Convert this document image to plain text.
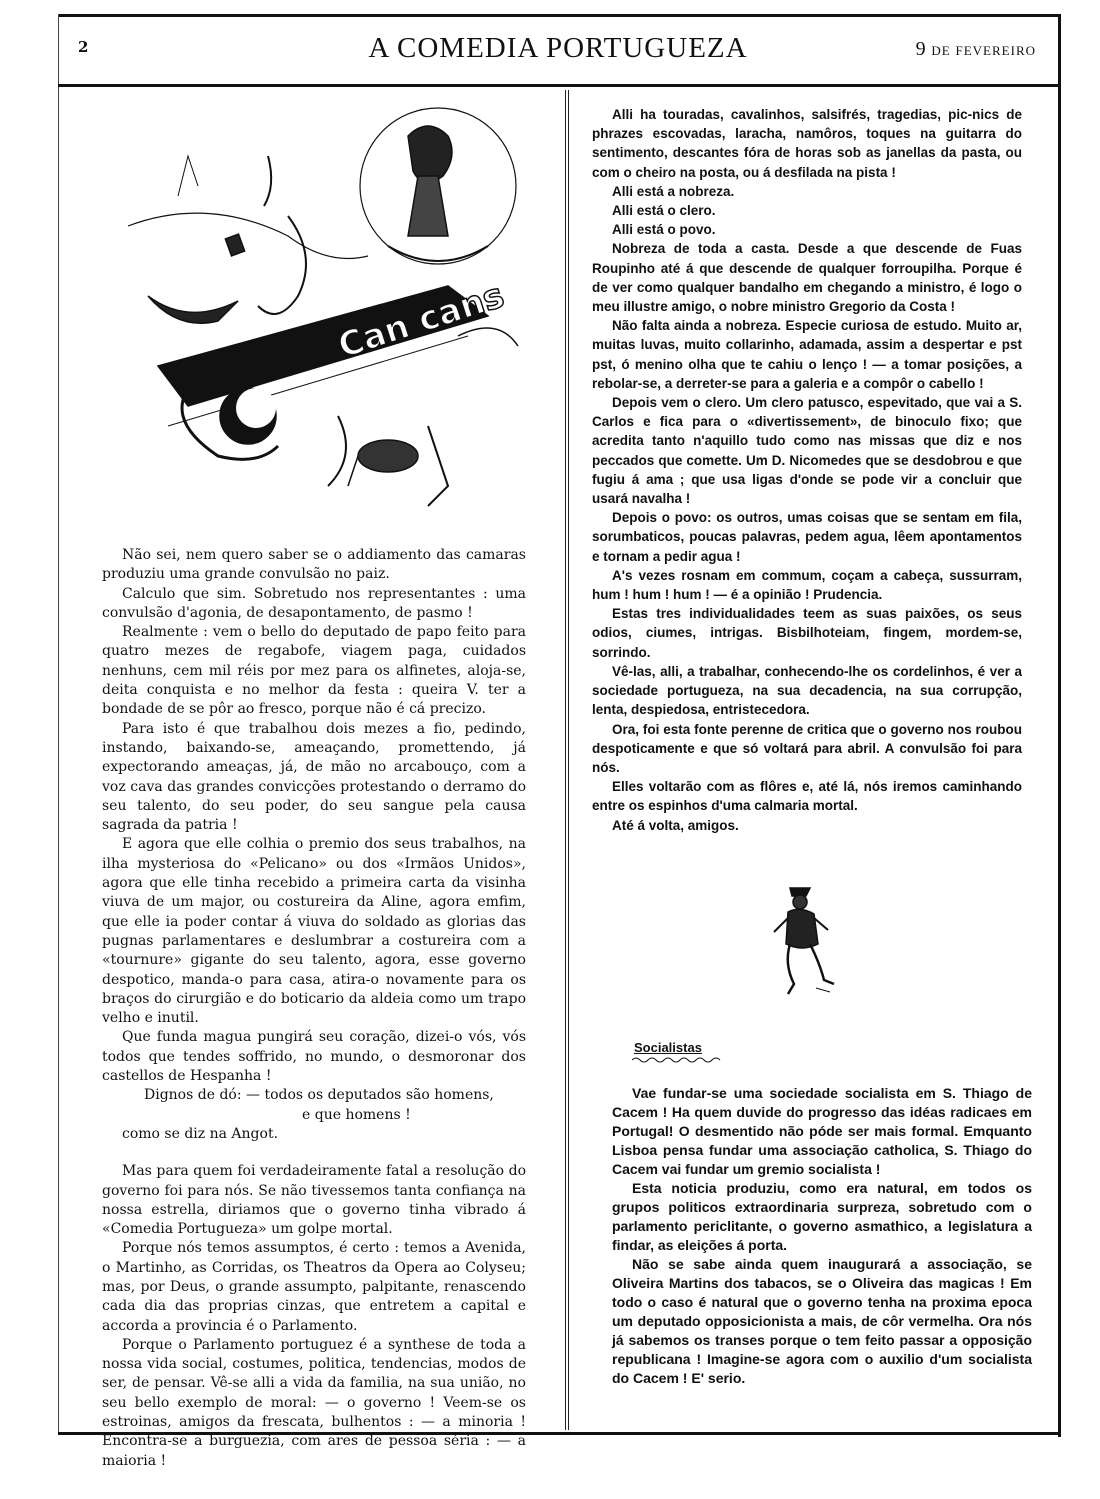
2	A COMEDIA PORTUGUEZA	9 DE FEVEREIRO
Can cans

Não sei, nem quero saber se o addiamento das camaras produziu uma grande convulsão no paiz.

Calculo que sim. Sobretudo nos representantes : uma convulsão d'agonia, de desapontamento, de pasmo !

Realmente : vem o bello do deputado de papo feito para quatro mezes de regabofe, viagem paga, cuidados nenhuns, cem mil réis por mez para os alfinetes, aloja-se, deita conquista e no melhor da festa : queira V. ter a bondade de se pôr ao fresco, porque não é cá precizo.

Para isto é que trabalhou dois mezes a fio, pedindo, instando, baixando-se, ameaçando, promettendo, já expectorando ameaças, já, de mão no arcabouço, com a voz cava das grandes convicções protestando o derramo do seu talento, do seu poder, do seu sangue pela causa sagrada da patria !

E agora que elle colhia o premio dos seus trabalhos, na ilha mysteriosa do «Pelicano» ou dos «Irmãos Unidos», agora que elle tinha recebido a primeira carta da visinha viuva de um major, ou costureira da Aline, agora emfim, que elle ia poder contar á viuva do soldado as glorias das pugnas parlamentares e deslumbrar a costureira com a «tournure» gigante do seu talento, agora, esse governo despotico, manda-o para casa, atira-o novamente para os braços do cirurgião e do boticario da aldeia como um trapo velho e inutil.

Que funda magua pungirá seu coração, dizei-o vós, vós todos que tendes soffrido, no mundo, o desmoronar dos castellos de Hespanha !

Dignos de dó: — todos os deputados são homens,

e que homens !

como se diz na Angot.

Mas para quem foi verdadeiramente fatal a resolução do governo foi para nós. Se não tivessemos tanta confiança na nossa estrella, diriamos que o governo tinha vibrado á «Comedia Portugueza» um golpe mortal.

Porque nós temos assumptos, é certo : temos a Avenida, o Martinho, as Corridas, os Theatros da Opera ao Colyseu; mas, por Deus, o grande assumpto, palpitante, renascendo cada dia das proprias cinzas, que entretem a capital e accorda a provincia é o Parlamento.

Porque o Parlamento portuguez é a synthese de toda a nossa vida social, costumes, politica, tendencias, modos de ser, de pensar. Vê-se alli a vida da familia, na sua união, no seu bello exemplo de moral: — o governo ! Veem-se os estroinas, amigos da frescata, bulhentos : — a minoria ! Encontra-se a burguezia, com ares de pessoa séria : — a maioria !

Alli ha touradas, cavalinhos, salsifrés, tragedias, pic-nics de phrazes escovadas, laracha, namôros, toques na guitarra do sentimento, descantes fóra de horas sob as janellas da pasta, ou com o cheiro na posta, ou á desfilada na pista !

Alli está a nobreza.

Alli está o clero.

Alli está o povo.

Nobreza de toda a casta. Desde a que descende de Fuas Roupinho até á que descende de qualquer forroupilha. Porque é de ver como qualquer bandalho em chegando a ministro, é logo o meu illustre amigo, o nobre ministro Gregorio da Costa !

Não falta ainda a nobreza. Especie curiosa de estudo. Muito ar, muitas luvas, muito collarinho, adamada, assim a despertar e pst pst, ó menino olha que te cahiu o lenço ! — a tomar posições, a rebolar-se, a derreter-se para a galeria e a compôr o cabello !

Depois vem o clero. Um clero patusco, espevitado, que vai a S. Carlos e fica para o «divertissement», de binoculo fixo; que acredita tanto n'aquillo tudo como nas missas que diz e nos peccados que comette. Um D. Nicomedes que se desdobrou e que fugiu á ama ; que usa ligas d'onde se pode vir a concluir que usará navalha !

Depois o povo: os outros, umas coisas que se sentam em fila, sorumbaticos, poucas palavras, pedem agua, lêem apontamentos e tornam a pedir agua !

A's vezes rosnam em commum, coçam a cabeça, sussurram, hum ! hum ! hum ! — é a opinião ! Prudencia.

Estas tres individualidades teem as suas paixões, os seus odios, ciumes, intrigas. Bisbilhoteiam, fingem, mordem-se, sorrindo.

Vê-las, alli, a trabalhar, conhecendo-lhe os cordelinhos, é ver a sociedade portugueza, na sua decadencia, na sua corrupção, lenta, despiedosa, entristecedora.

Ora, foi esta fonte perenne de critica que o governo nos roubou despoticamente e que só voltará para abril. A convulsão foi para nós.

Elles voltarão com as flôres e, até lá, nós iremos caminhando entre os espinhos d'uma calmaria mortal.

Até á volta, amigos.

Socialistas

Vae fundar-se uma sociedade socialista em S. Thiago de Cacem ! Ha quem duvide do progresso das idéas radicaes em Portugal! O desmentido não póde ser mais formal. Emquanto Lisboa pensa fundar uma associação catholica, S. Thiago do Cacem vai fundar um gremio socialista !

Esta noticia produziu, como era natural, em todos os grupos politicos extraordinaria surpreza, sobretudo com o parlamento periclitante, o governo asmathico, a legislatura a findar, as eleições á porta.

Não se sabe ainda quem inaugurará a associação, se Oliveira Martins dos tabacos, se o Oliveira das magicas ! Em todo o caso é natural que o governo tenha na proxima epoca um deputado opposicionista a mais, de côr vermelha. Ora nós já sabemos os transes porque o tem feito passar a opposição republicana ! Imagine-se agora com o auxilio d'um socialista do Cacem ! E' serio.
